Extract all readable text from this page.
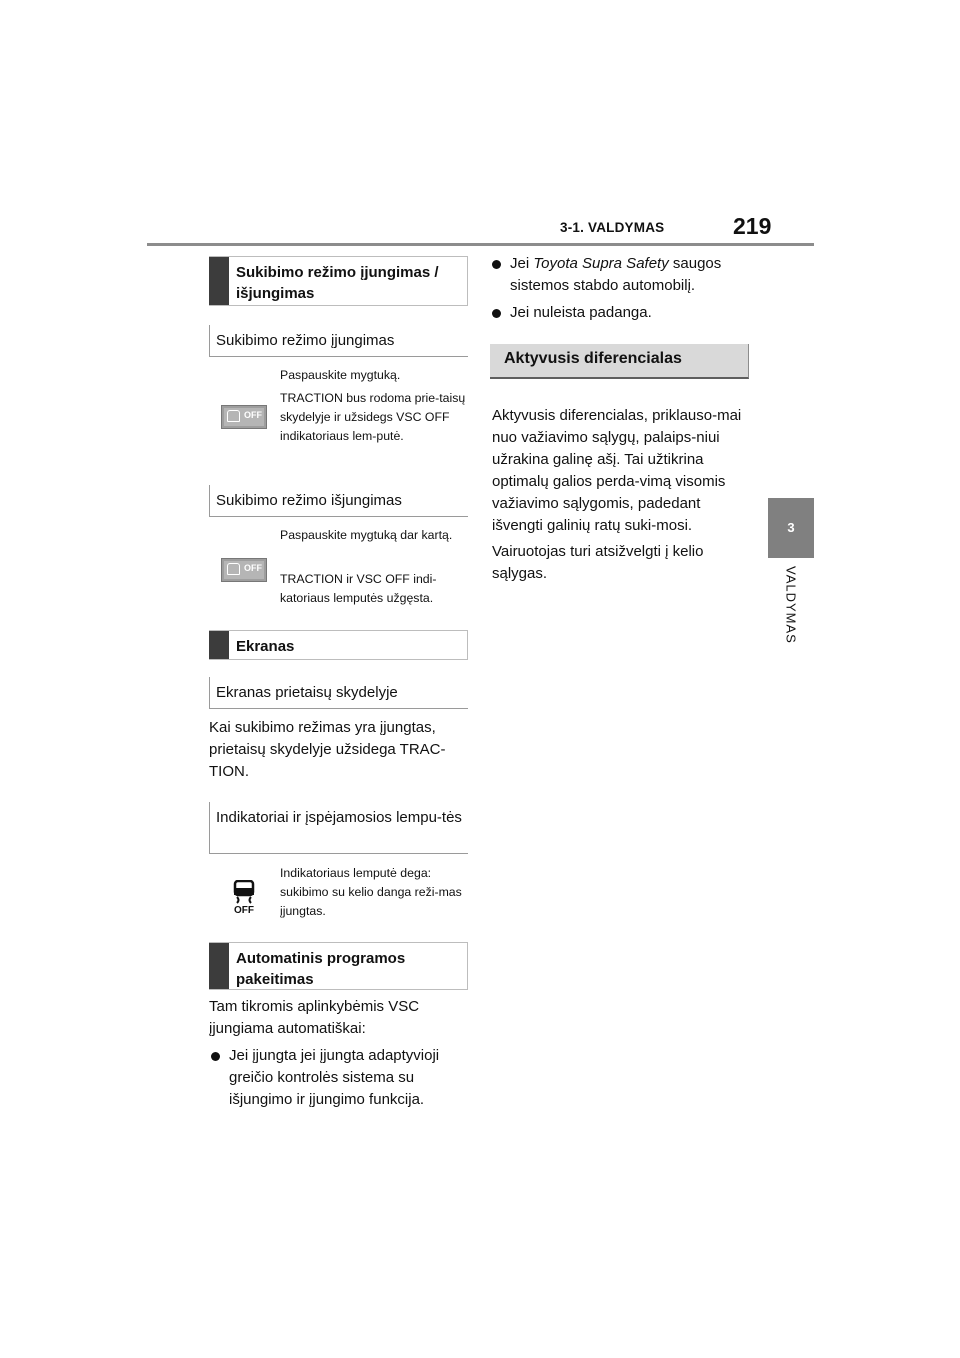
3-1. VALDYMAS	219
3
VALDYMAS
Sukibimo režimo įjungimas / išjungimas
Sukibimo režimo įjungimas
OFF
Paspauskite mygtuką.
TRACTION bus rodoma prie-taisų skydelyje ir užsidegs VSC OFF indikatoriaus lem-putė.
Sukibimo režimo išjungimas
OFF
Paspauskite mygtuką dar kartą.
TRACTION ir VSC OFF indi-katoriaus lemputės užgęsta.
Ekranas
Ekranas prietaisų skydelyje
Kai sukibimo režimas yra įjungtas, prietaisų skydelyje užsidega TRAC-TION.
Indikatoriai ir įspėjamosios lempu-tės
OFF
Indikatoriaus lemputė dega: sukibimo su kelio danga reži-mas įjungtas.
Automatinis programos pakeitimas
Tam tikromis aplinkybėmis VSC įjungiama automatiškai:
Jei įjungta jei įjungta adaptyvioji greičio kontrolės sistema su išjungimo ir įjungimo funkcija.
Jei Toyota Supra Safety saugos sistemos stabdo automobilį.
Jei nuleista padanga.
Aktyvusis diferencialas
Aktyvusis diferencialas, priklauso-mai nuo važiavimo sąlygų, palaips-niui užrakina galinę ašį. Tai užtikrina optimalų galios perda-vimą visomis važiavimo sąlygomis, padedant išvengti galinių ratų suki-mosi.
Vairuotojas turi atsižvelgti į kelio sąlygas.
